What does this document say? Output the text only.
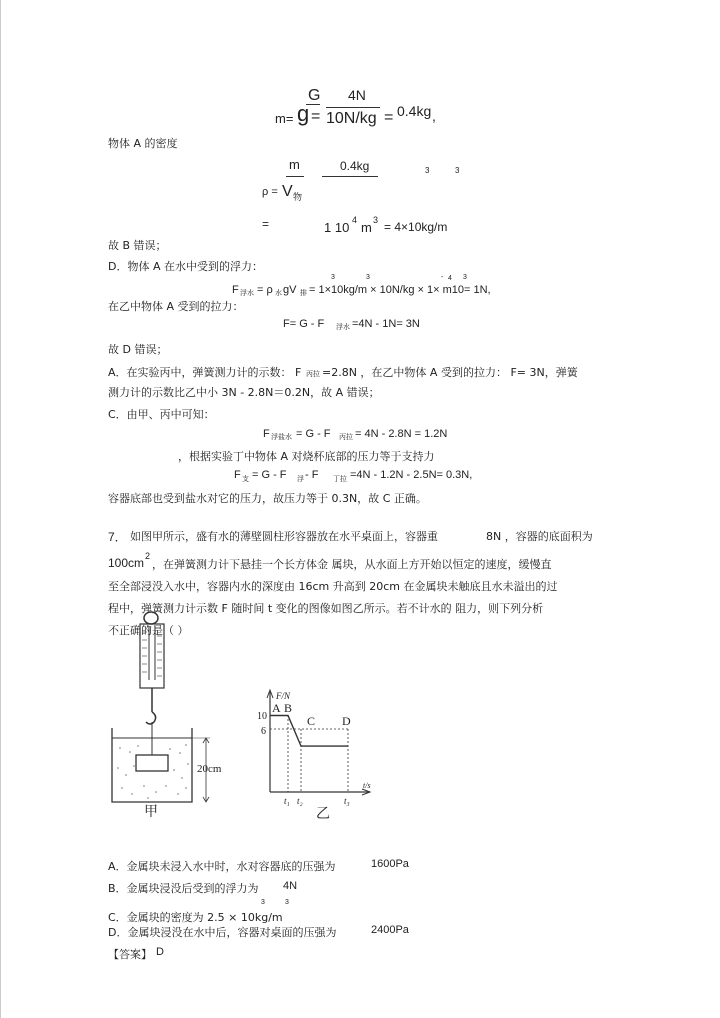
G
m= g =
4N
10N/kg = 0.4kg ,
物体 A 的密度
m	0.4kg	3	3
ρ = V 物
=	1 10 4 m 3 = 4×10kg/m
故 B 错误；
D．物体 A 在水中受到的浮力：
3	3	- 4 3
F 浮水 = ρ 水 gV 排 = 1×10kg/m × 10N/kg × 1× m10= 1N,
在乙中物体 A 受到的拉力：
F= G - F 浮水 =4N - 1N= 3N
故 D 错误；
A．在实验丙中，弹簧测力计的示数： F 丙拉 =2.8N ，在乙中物体 A 受到的拉力： F= 3N，弹簧
测力计的示数比乙中小 3N - 2.8N＝0.2N，故 A 错误；
C．由甲、丙中可知：
F 浮盐水 = G - F 丙拉 = 4N - 2.8N = 1.2N
，根据实验丁中物体 A 对烧杯底部的压力等于支持力
F 支 = G - F 浮 - F 丁拉 =4N - 1.2N - 2.5N= 0.3N,
容器底部也受到盐水对它的压力，故压力等于 0.3N，故 C 正确。
7． 如图甲所示，盛有水的薄壁圆柱形容器放在水平桌面上，容器重	8N ，容器的底面积为
100cm 2
，在弹簧测力计下悬挂一个长方体金 属块，从水面上方开始以恒定的速度，缓慢直
至全部浸没入水中，容器内水的深度由 16cm 升高到 20cm 在金属块未触底且水未溢出的过
程中，弹簧测力计示数 F 随时间 t 变化的图像如图乙所示。若不计水的 阻力，则下列分析
不正确的是（ ）
20cm
甲
F/N
t/s
10
6
A B
C D
t₁ t₂	t₃
乙
A．金属块未浸入水中时，水对容器底的压强为	1600Pa
B．金属块浸没后受到的浮力为 4N
3	3
C．金属块的密度为 2.5 × 10kg/m
D．金属块浸没在水中后，容器对桌面的压强为	2400Pa
【答案】 D
